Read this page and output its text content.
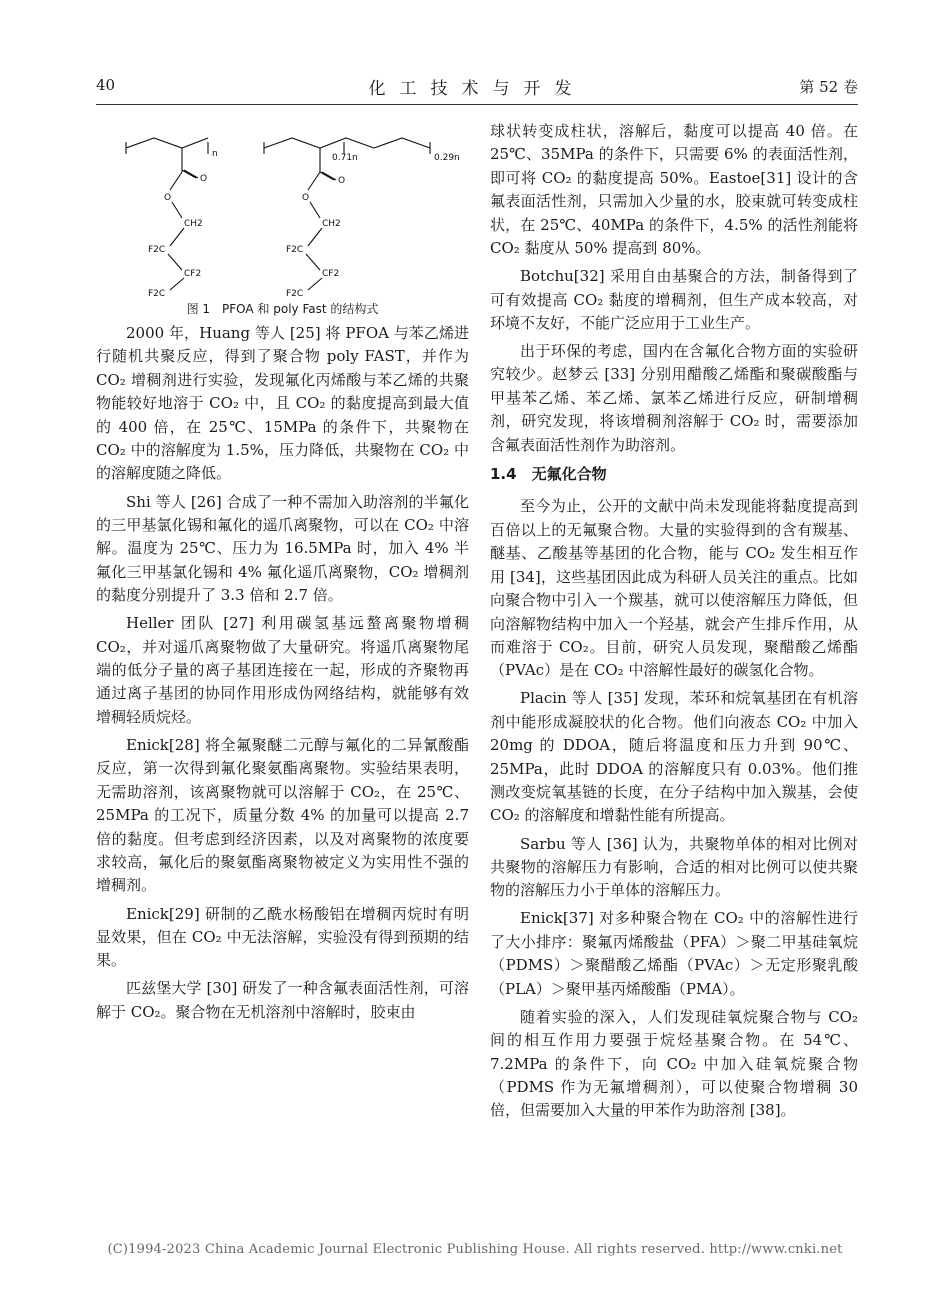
40	化工技术与开发	第 52 卷
n
O
O
CH2
F2C
0.71n	0.29n
O
O
CH2
F2C
CF2
F2C
CF2
F2C
图 1　PFOA 和 poly Fast 的结构式

2000 年，Huang 等人 [25] 将 PFOA 与苯乙烯进行随机共聚反应，得到了聚合物 poly FAST，并作为 CO₂ 增稠剂进行实验，发现氟化丙烯酸与苯乙烯的共聚物能较好地溶于 CO₂ 中，且 CO₂ 的黏度提高到最大值的 400 倍，在 25℃、15MPa 的条件下，共聚物在 CO₂ 中的溶解度为 1.5%，压力降低，共聚物在 CO₂ 中的溶解度随之降低。

Shi 等人 [26] 合成了一种不需加入助溶剂的半氟化的三甲基氯化锡和氟化的遥爪离聚物，可以在 CO₂ 中溶解。温度为 25℃、压力为 16.5MPa 时，加入 4% 半氟化三甲基氯化锡和 4% 氟化遥爪离聚物，CO₂ 增稠剂的黏度分别提升了 3.3 倍和 2.7 倍。

Heller 团队 [27] 利用碳氢基远螯离聚物增稠 CO₂，并对遥爪离聚物做了大量研究。将遥爪离聚物尾端的低分子量的离子基团连接在一起，形成的齐聚物再通过离子基团的协同作用形成伪网络结构，就能够有效增稠轻质烷烃。

Enick[28] 将全氟聚醚二元醇与氟化的二异氰酸酯反应，第一次得到氟化聚氨酯离聚物。实验结果表明，无需助溶剂，该离聚物就可以溶解于 CO₂，在 25℃、25MPa 的工况下，质量分数 4% 的加量可以提高 2.7 倍的黏度。但考虑到经济因素，以及对离聚物的浓度要求较高，氟化后的聚氨酯离聚物被定义为实用性不强的增稠剂。

Enick[29] 研制的乙酰水杨酸铝在增稠丙烷时有明显效果，但在 CO₂ 中无法溶解，实验没有得到预期的结果。

匹兹堡大学 [30] 研发了一种含氟表面活性剂，可溶解于 CO₂。聚合物在无机溶剂中溶解时，胶束由

球状转变成柱状，溶解后，黏度可以提高 40 倍。在 25℃、35MPa 的条件下，只需要 6% 的表面活性剂，即可将 CO₂ 的黏度提高 50%。Eastoe[31] 设计的含氟表面活性剂，只需加入少量的水，胶束就可转变成柱状，在 25℃、40MPa 的条件下，4.5% 的活性剂能将 CO₂ 黏度从 50% 提高到 80%。

Botchu[32] 采用自由基聚合的方法，制备得到了可有效提高 CO₂ 黏度的增稠剂，但生产成本较高，对环境不友好，不能广泛应用于工业生产。

出于环保的考虑，国内在含氟化合物方面的实验研究较少。赵梦云 [33] 分别用醋酸乙烯酯和聚碳酸酯与甲基苯乙烯、苯乙烯、氯苯乙烯进行反应，研制增稠剂，研究发现，将该增稠剂溶解于 CO₂ 时，需要添加含氟表面活性剂作为助溶剂。

1.4　无氟化合物

至今为止，公开的文献中尚未发现能将黏度提高到百倍以上的无氟聚合物。大量的实验得到的含有羰基、醚基、乙酸基等基团的化合物，能与 CO₂ 发生相互作用 [34]，这些基团因此成为科研人员关注的重点。比如向聚合物中引入一个羰基，就可以使溶解压力降低，但向溶解物结构中加入一个羟基，就会产生排斥作用，从而难溶于 CO₂。目前，研究人员发现，聚醋酸乙烯酯（PVAc）是在 CO₂ 中溶解性最好的碳氢化合物。

Placin 等人 [35] 发现，苯环和烷氧基团在有机溶剂中能形成凝胶状的化合物。他们向液态 CO₂ 中加入 20mg 的 DDOA，随后将温度和压力升到 90℃、25MPa，此时 DDOA 的溶解度只有 0.03%。他们推测改变烷氧基链的长度，在分子结构中加入羰基，会使 CO₂ 的溶解度和增黏性能有所提高。

Sarbu 等人 [36] 认为，共聚物单体的相对比例对共聚物的溶解压力有影响，合适的相对比例可以使共聚物的溶解压力小于单体的溶解压力。

Enick[37] 对多种聚合物在 CO₂ 中的溶解性进行了大小排序：聚氟丙烯酸盐（PFA）＞聚二甲基硅氧烷（PDMS）＞聚醋酸乙烯酯（PVAc）＞无定形聚乳酸（PLA）＞聚甲基丙烯酸酯（PMA）。

随着实验的深入，人们发现硅氧烷聚合物与 CO₂ 间的相互作用力要强于烷烃基聚合物。在 54℃、7.2MPa 的条件下，向 CO₂ 中加入硅氧烷聚合物（PDMS 作为无氟增稠剂），可以使聚合物增稠 30 倍，但需要加入大量的甲苯作为助溶剂 [38]。

(C)1994-2023 China Academic Journal Electronic Publishing House. All rights reserved. http://www.cnki.net
